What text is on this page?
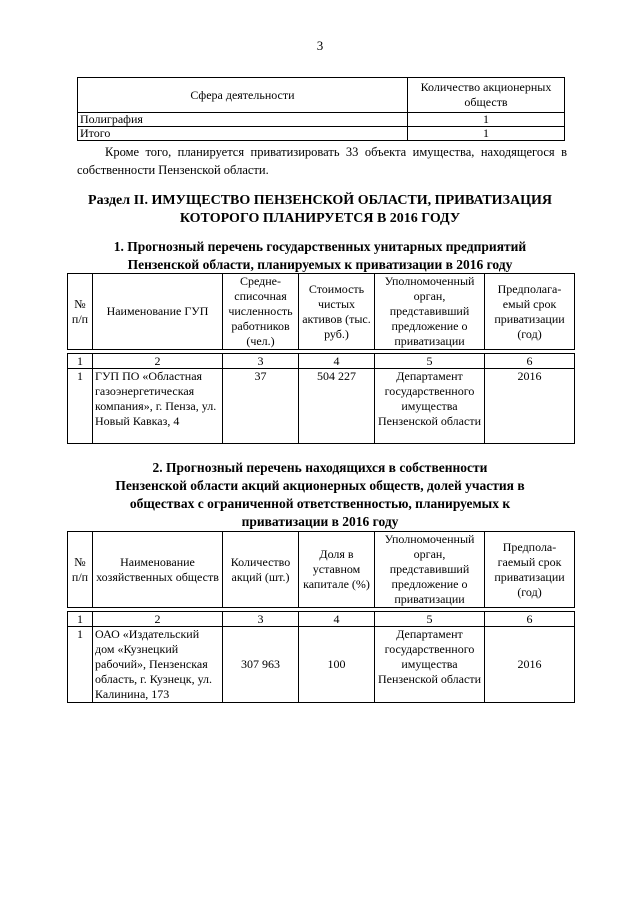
3
Сфера деятельности	Количество акционерных обществ
Полиграфия	1
Итого	1
Кроме того, планируется приватизировать 33 объекта имущества, находящегося в собственности Пензенской области.
Раздел II. ИМУЩЕСТВО ПЕНЗЕНСКОЙ ОБЛАСТИ, ПРИВАТИЗАЦИЯ
КОТОРОГО ПЛАНИРУЕТСЯ В 2016 ГОДУ
1. Прогнозный перечень государственных унитарных предприятий
Пензенской области, планируемых к приватизации в 2016 году
№ п/п	Наименование ГУП	Средне-списочная численность работников (чел.)	Стоимость чистых активов (тыс. руб.)	Уполномоченный орган, представивший предложение о приватизации	Предполага-емый срок приватизации (год)

1	2	3	4	5	6
1	ГУП ПО «Областная газоэнергетическая компания», г. Пенза, ул. Новый Кавказ, 4	37	504 227	Департамент государственного имущества Пензенской области	2016
2. Прогнозный перечень находящихся в собственности
Пензенской области акций акционерных обществ, долей участия в
обществах с ограниченной ответственностью, планируемых к
приватизации в 2016 году
№ п/п	Наименование хозяйственных обществ	Количество акций (шт.)	Доля в уставном капитале (%)	Уполномоченный орган, представивший предложение о приватизации	Предпола-гаемый срок приватизации (год)

1	2	3	4	5	6
1	ОАО «Издательский дом «Кузнецкий рабочий», Пензенская область, г. Кузнецк, ул. Калинина, 173	307 963	100	Департамент государственного имущества Пензенской области	2016
